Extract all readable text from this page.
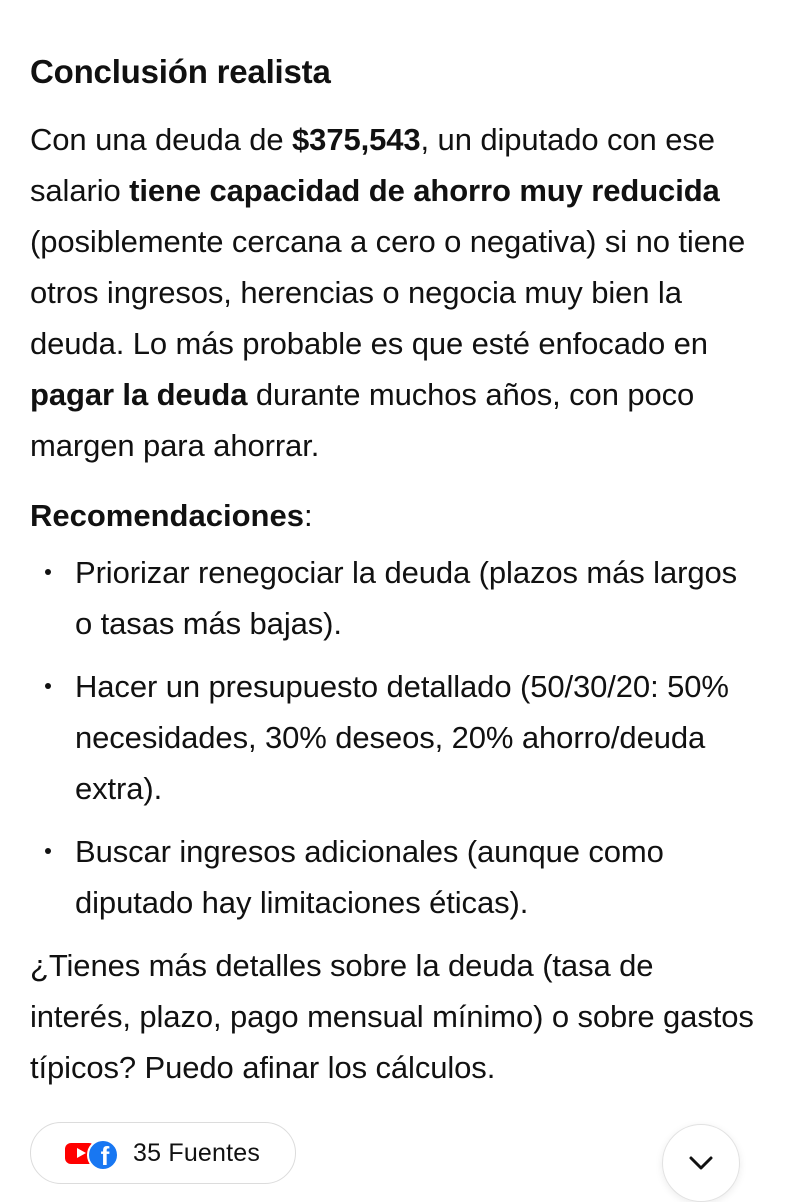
Conclusión realista

Con una deuda de $375,543, un diputado con ese salario tiene capacidad de ahorro muy reducida (posiblemente cercana a cero o negativa) si no tiene otros ingresos, herencias o negocia muy bien la deuda. Lo más probable es que esté enfocado en pagar la deuda durante muchos años, con poco margen para ahorrar.

Recomendaciones:

Priorizar renegociar la deuda (plazos más largos o tasas más bajas).
Hacer un presupuesto detallado (50/30/20: 50% necesidades, 30% deseos, 20% ahorro/deuda extra).
Buscar ingresos adicionales (aunque como diputado hay limitaciones éticas).

¿Tienes más detalles sobre la deuda (tasa de interés, plazo, pago mensual mínimo) o sobre gastos típicos? Puedo afinar los cálculos.

f 35 Fuentes
